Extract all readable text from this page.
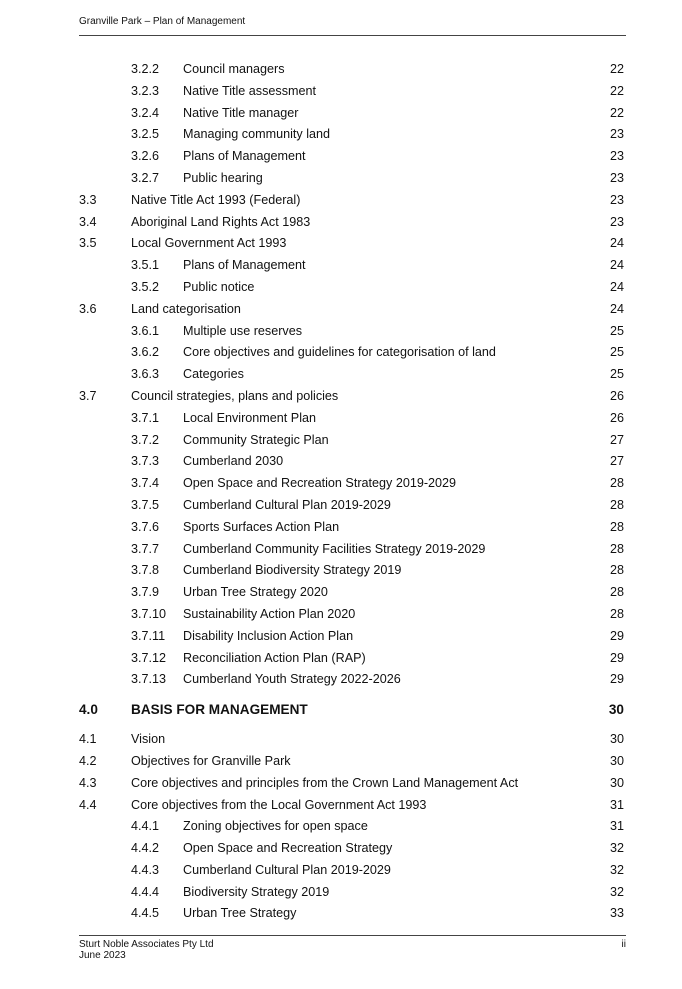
Granville Park – Plan of Management
3.2.2 Council managers	22
3.2.3 Native Title assessment	22
3.2.4 Native Title manager	22
3.2.5 Managing community land	23
3.2.6 Plans of Management	23
3.2.7 Public hearing	23
3.3	Native Title Act 1993 (Federal)	23
3.4	Aboriginal Land Rights Act 1983	23
3.5	Local Government Act 1993	24
3.5.1 Plans of Management	24
3.5.2 Public notice	24
3.6	Land categorisation	24
3.6.1 Multiple use reserves	25
3.6.2 Core objectives and guidelines for categorisation of land	25
3.6.3 Categories	25
3.7	Council strategies, plans and policies	26
3.7.1 Local Environment Plan	26
3.7.2 Community Strategic Plan	27
3.7.3 Cumberland 2030	27
3.7.4 Open Space and Recreation Strategy 2019-2029	28
3.7.5 Cumberland Cultural Plan 2019-2029	28
3.7.6 Sports Surfaces Action Plan	28
3.7.7 Cumberland Community Facilities Strategy 2019-2029	28
3.7.8 Cumberland Biodiversity Strategy 2019	28
3.7.9 Urban Tree Strategy 2020	28
3.7.10 Sustainability Action Plan 2020	28
3.7.11 Disability Inclusion Action Plan	29
3.7.12 Reconciliation Action Plan (RAP)	29
3.7.13 Cumberland Youth Strategy 2022-2026	29
4.0 BASIS FOR MANAGEMENT	30
4.1	Vision	30
4.2	Objectives for Granville Park	30
4.3	Core objectives and principles from the Crown Land Management Act	30
4.4	Core objectives from the Local Government Act 1993	31
4.4.1 Zoning objectives for open space	31
4.4.2 Open Space and Recreation Strategy	32
4.4.3 Cumberland Cultural Plan 2019-2029	32
4.4.4 Biodiversity Strategy 2019	32
4.4.5 Urban Tree Strategy	33
Sturt Noble Associates Pty Ltd
June 2023
ii
